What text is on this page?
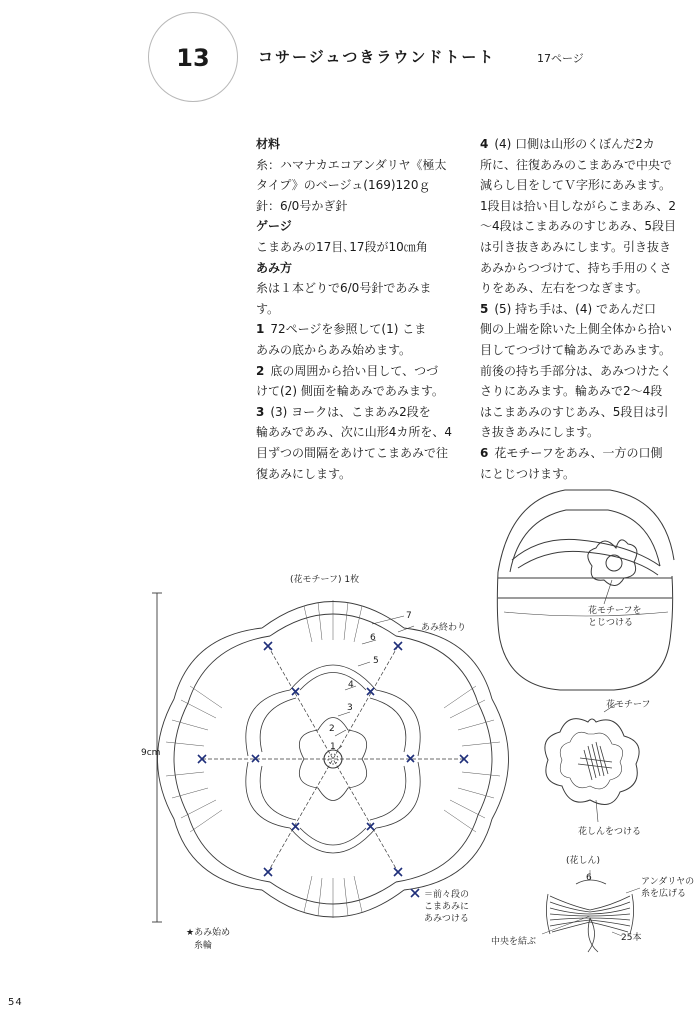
13	コサージュつきラウンドトート	17ページ
材料
糸：ハマナカエコアンダリヤ《極太
タイプ》のベージュ(169)120ｇ
針：6/0号かぎ針
ゲージ
こまあみの17目､17段が10㎝角
あみ方
糸は１本どりで6/0号針であみま
す。
1  72ページを参照して(1) こま
あみの底からあみ始めます。
2  底の周囲から拾い目して、つづ
けて(2) 側面を輪あみであみます。
3  (3) ヨークは、こまあみ2段を
輪あみであみ、次に山形4カ所を、4
目ずつの間隔をあけてこまあみで往
復あみにします。
4  (4) 口側は山形のくぼんだ2カ
所に、往復あみのこまあみで中央で
減らし目をしてＶ字形にあみます。
1段目は拾い目しながらこまあみ、2
～4段はこまあみのすじあみ、5段目
は引き抜きあみにします。引き抜き
あみからつづけて、持ち手用のくさ
りをあみ、左右をつなぎます。
5  (5) 持ち手は、(4) であんだ口
側の上端を除いた上側全体から拾い
目してつづけて輪あみであみます。
前後の持ち手部分は、あみつけたく
さりにあみます。輪あみで2～4段
はこまあみのすじあみ、5段目は引
き抜きあみにします。
6  花モチーフをあみ、一方の口側
にとじつけます。
(花モチーフ) 1枚
9cm
あみ終わり
＝前々段の
こまあみに
あみつける
★あみ始め
糸輪
花モチーフを
とじつける
花モチーフ
花しんをつける
(花しん)
6	アンダリヤの
糸を広げる
中央を結ぶ	25本
54
7
6
5
4
3
2
1
